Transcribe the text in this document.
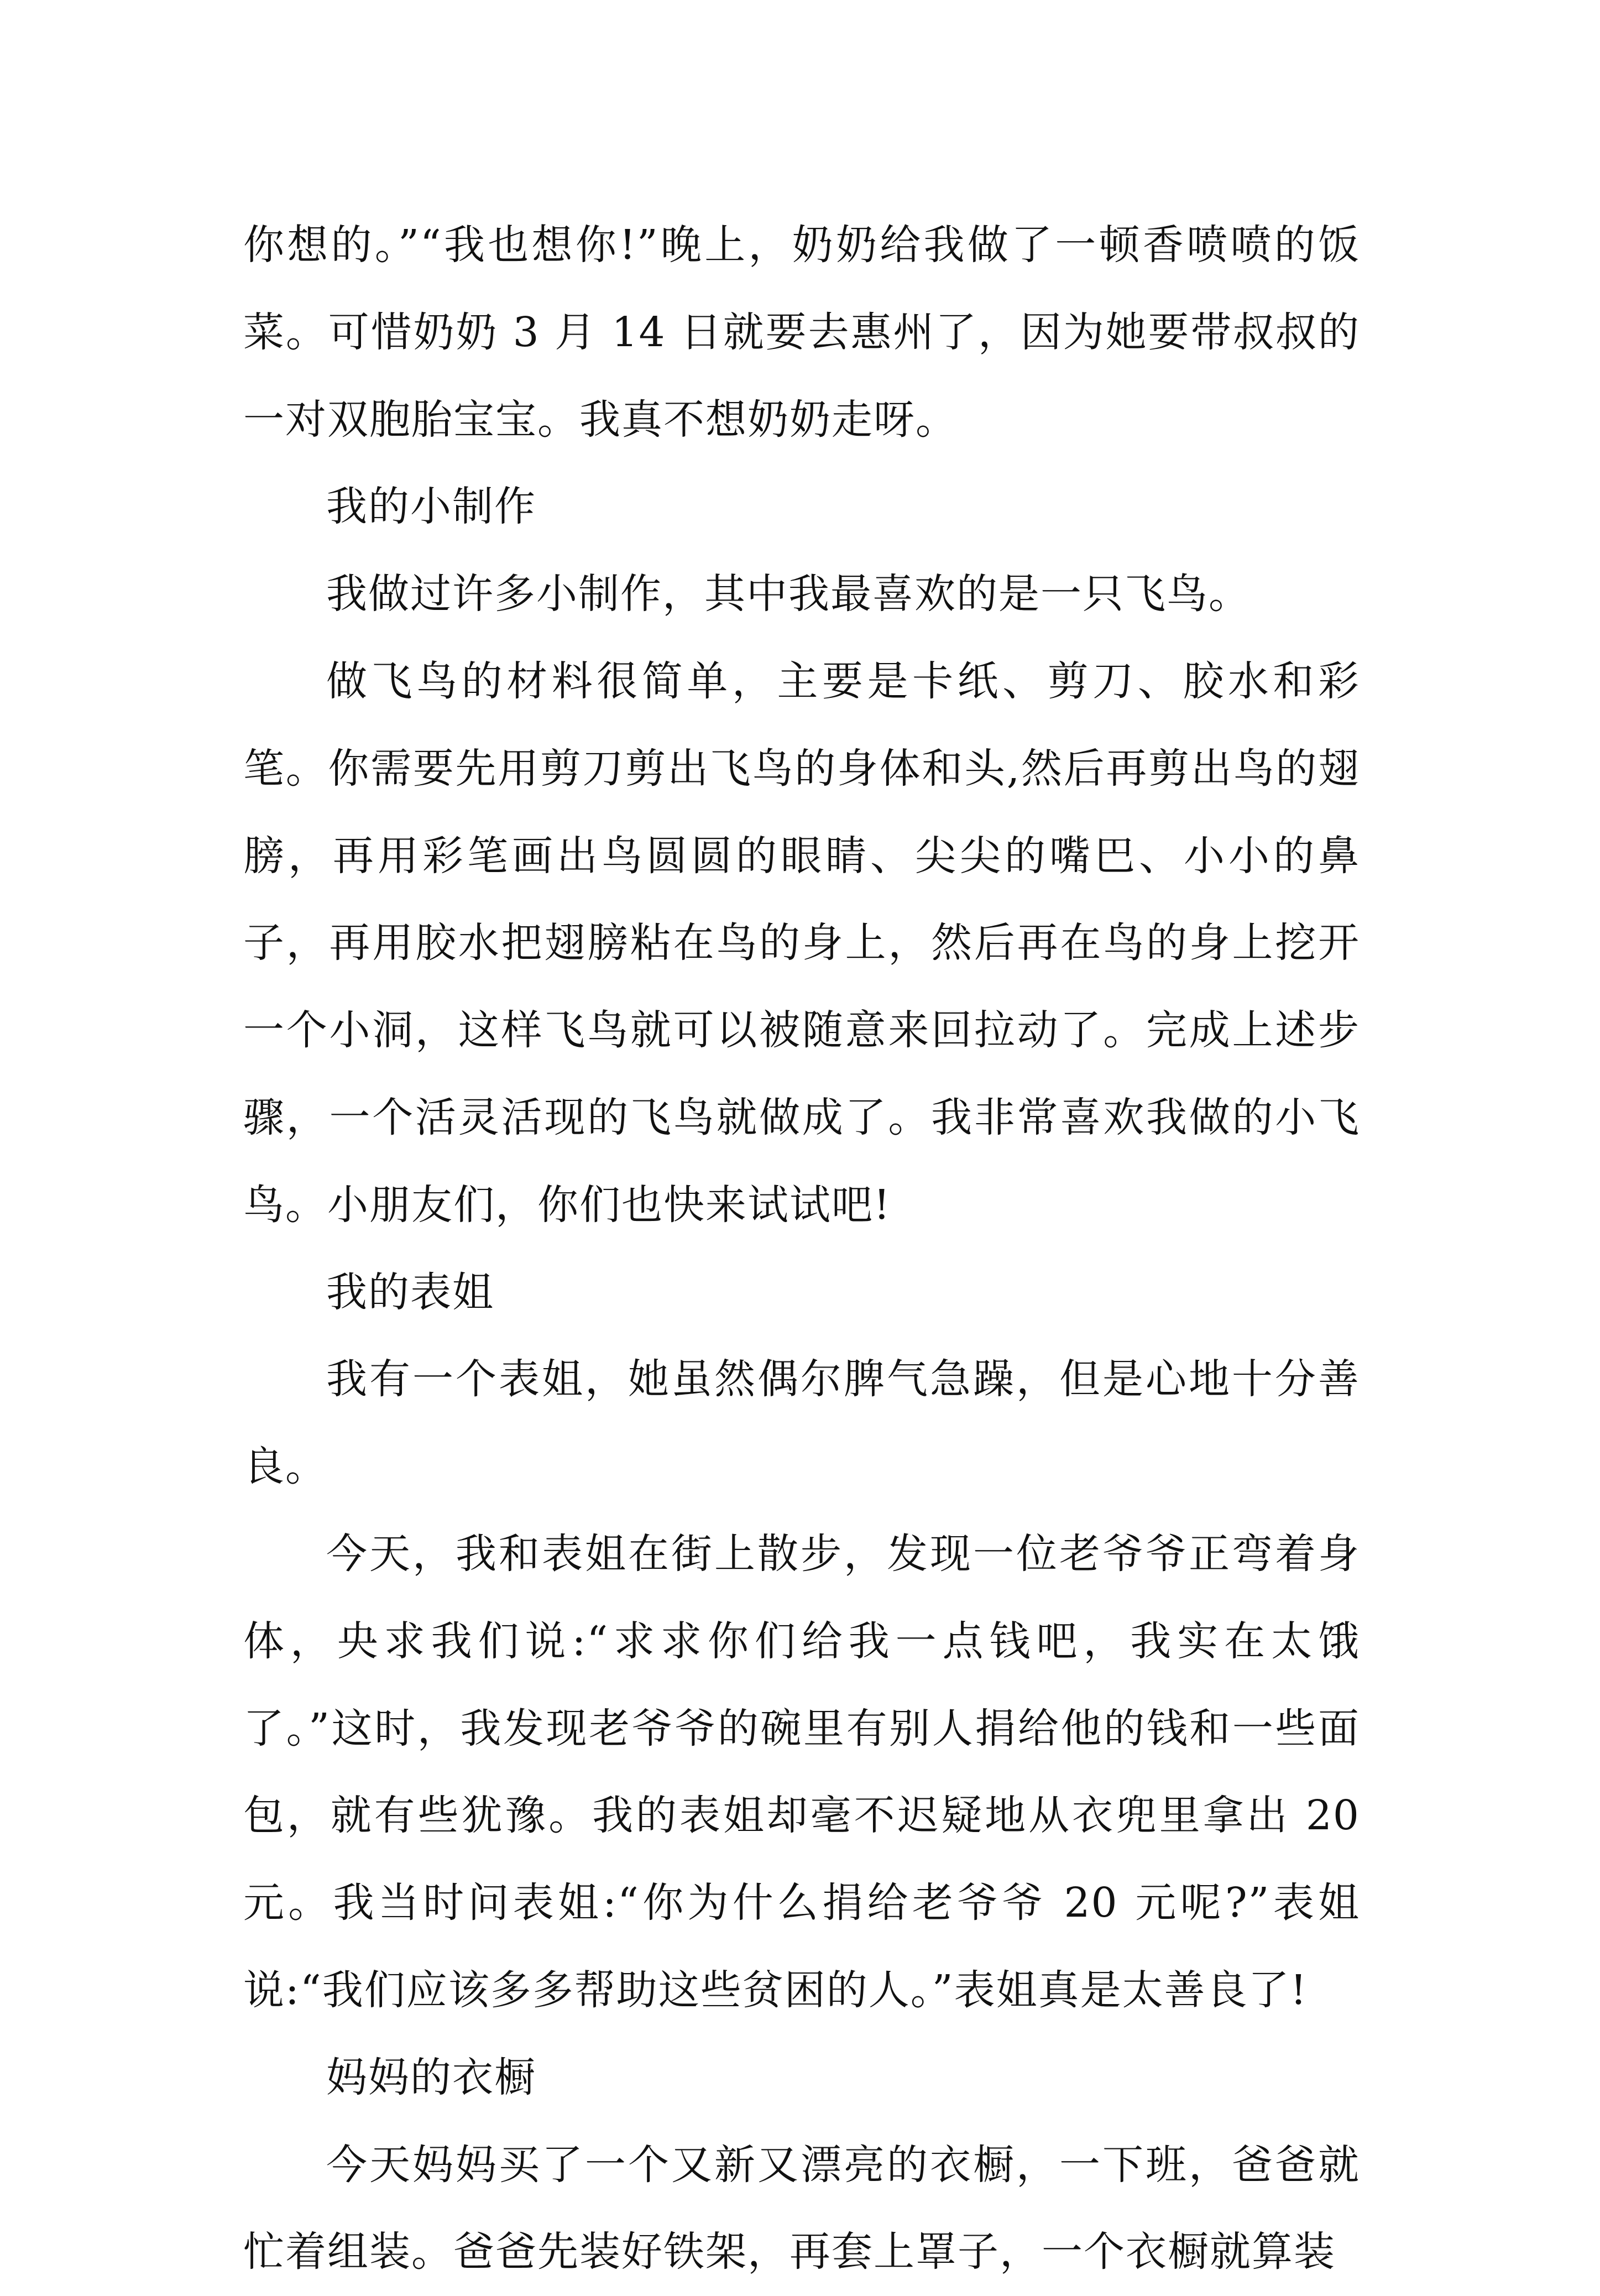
你想的。”“我也想你!”晚上，奶奶给我做了一顿香喷喷的饭菜。可惜奶奶 3 月 14 日就要去惠州了，因为她要带叔叔的一对双胞胎宝宝。我真不想奶奶走呀。

我的小制作

我做过许多小制作，其中我最喜欢的是一只飞鸟。

做飞鸟的材料很简单，主要是卡纸、剪刀、胶水和彩笔。你需要先用剪刀剪出飞鸟的身体和头,然后再剪出鸟的翅膀，再用彩笔画出鸟圆圆的眼睛、尖尖的嘴巴、小小的鼻子，再用胶水把翅膀粘在鸟的身上，然后再在鸟的身上挖开一个小洞，这样飞鸟就可以被随意来回拉动了。完成上述步骤，一个活灵活现的飞鸟就做成了。我非常喜欢我做的小飞鸟。小朋友们，你们也快来试试吧!

我的表姐

我有一个表姐，她虽然偶尔脾气急躁，但是心地十分善良。

今天，我和表姐在街上散步，发现一位老爷爷正弯着身体，央求我们说:“求求你们给我一点钱吧，我实在太饿了。”这时，我发现老爷爷的碗里有别人捐给他的钱和一些面包，就有些犹豫。我的表姐却毫不迟疑地从衣兜里拿出 20 元。我当时问表姐:“你为什么捐给老爷爷 20 元呢?”表姐说:“我们应该多多帮助这些贫困的人。”表姐真是太善良了!

妈妈的衣橱

今天妈妈买了一个又新又漂亮的衣橱，一下班，爸爸就忙着组装。爸爸先装好铁架，再套上罩子，一个衣橱就算装
